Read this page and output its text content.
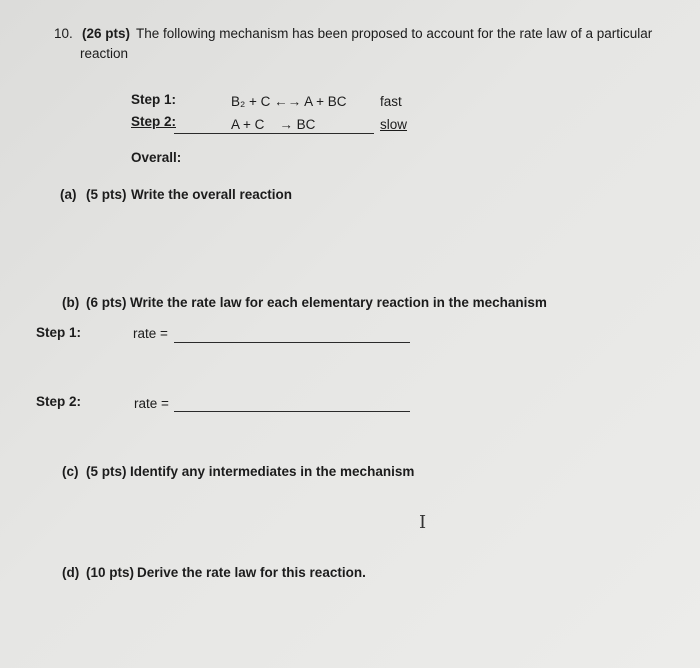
10. (26 pts) The following mechanism has been proposed to account for the rate law of a particular
reaction
Step 1:	B₂ + C ←→ A + BC fast
Step 2:	A + C    → BC	slow
Overall:
(a) (5 pts) Write the overall reaction
(b) (6 pts) Write the rate law for each elementary reaction in the mechanism
Step 1:	rate =
Step 2:	rate =
(c) (5 pts) Identify any intermediates in the mechanism
I
(d) (10 pts) Derive the rate law for this reaction.
